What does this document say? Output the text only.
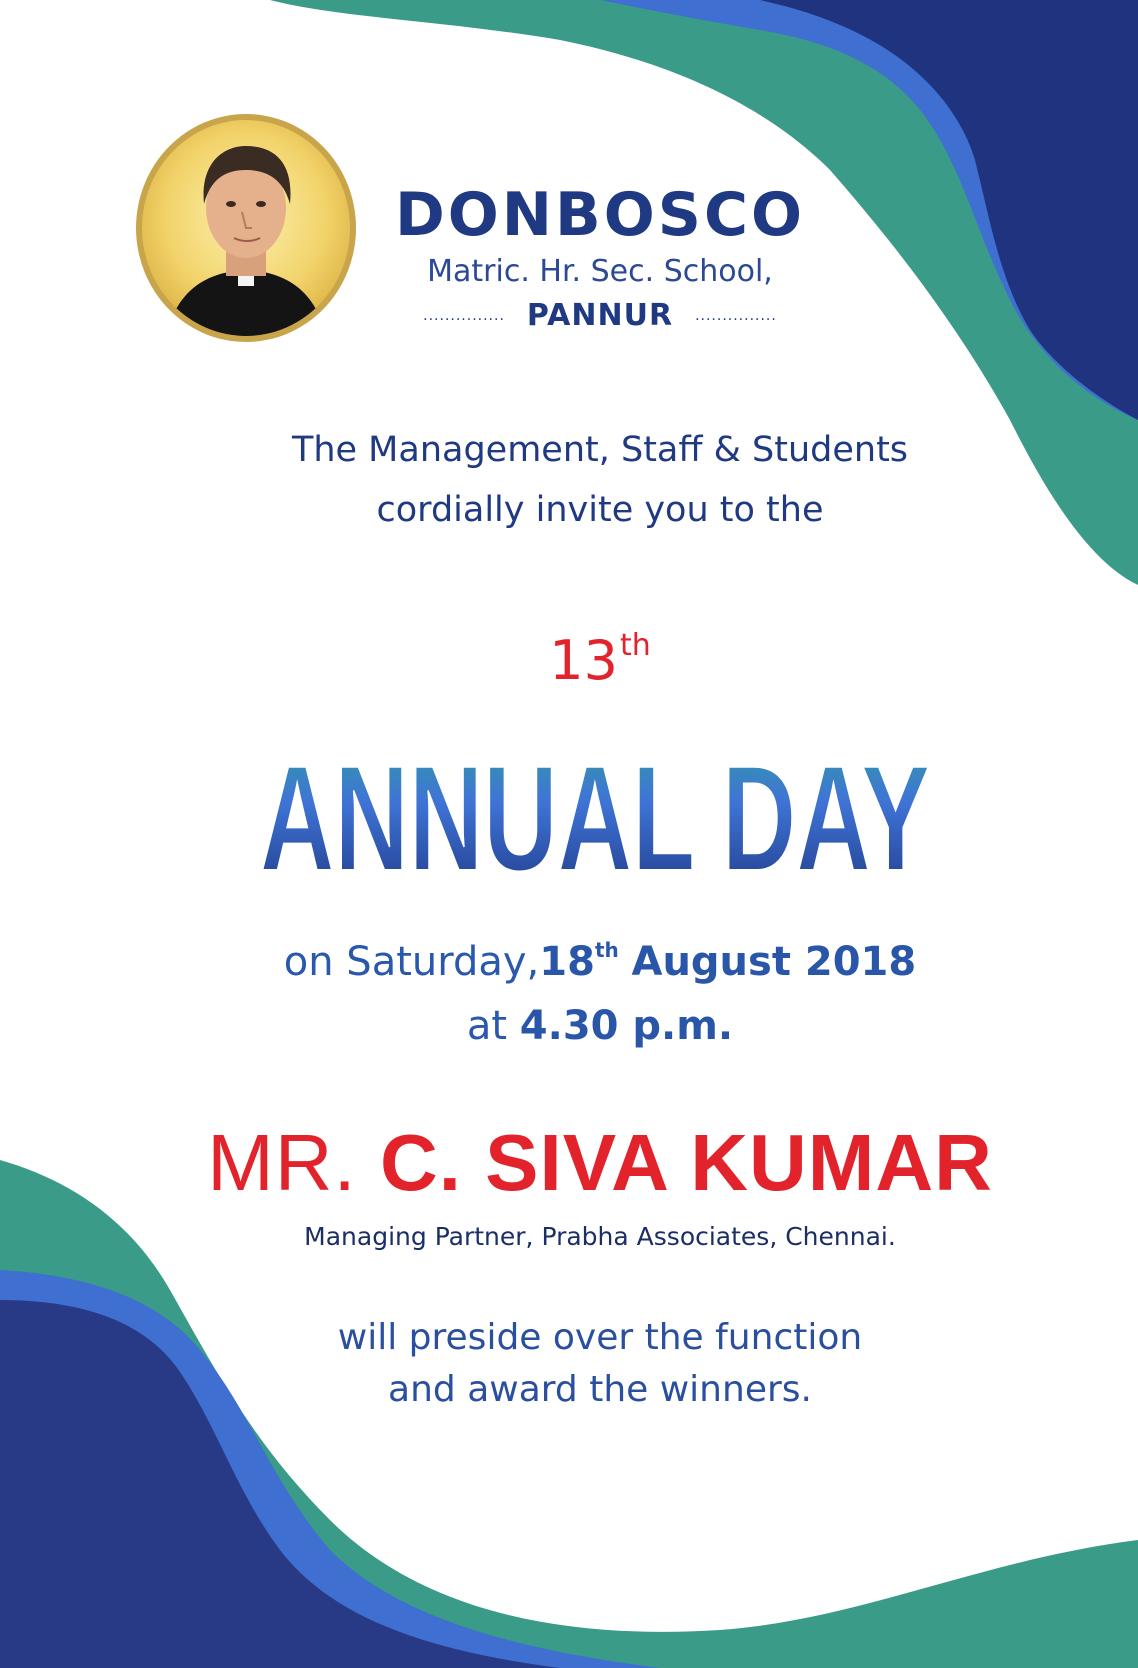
DONBOSCO
Matric. Hr. Sec. School,
............... PANNUR ...............
The Management, Staff & Students
cordially invite you to the
13th
ANNUAL DAY
on Saturday,18th August 2018
at 4.30 p.m.
MR. C. SIVA KUMAR
Managing Partner, Prabha Associates, Chennai.
will preside over the function
and award the winners.
